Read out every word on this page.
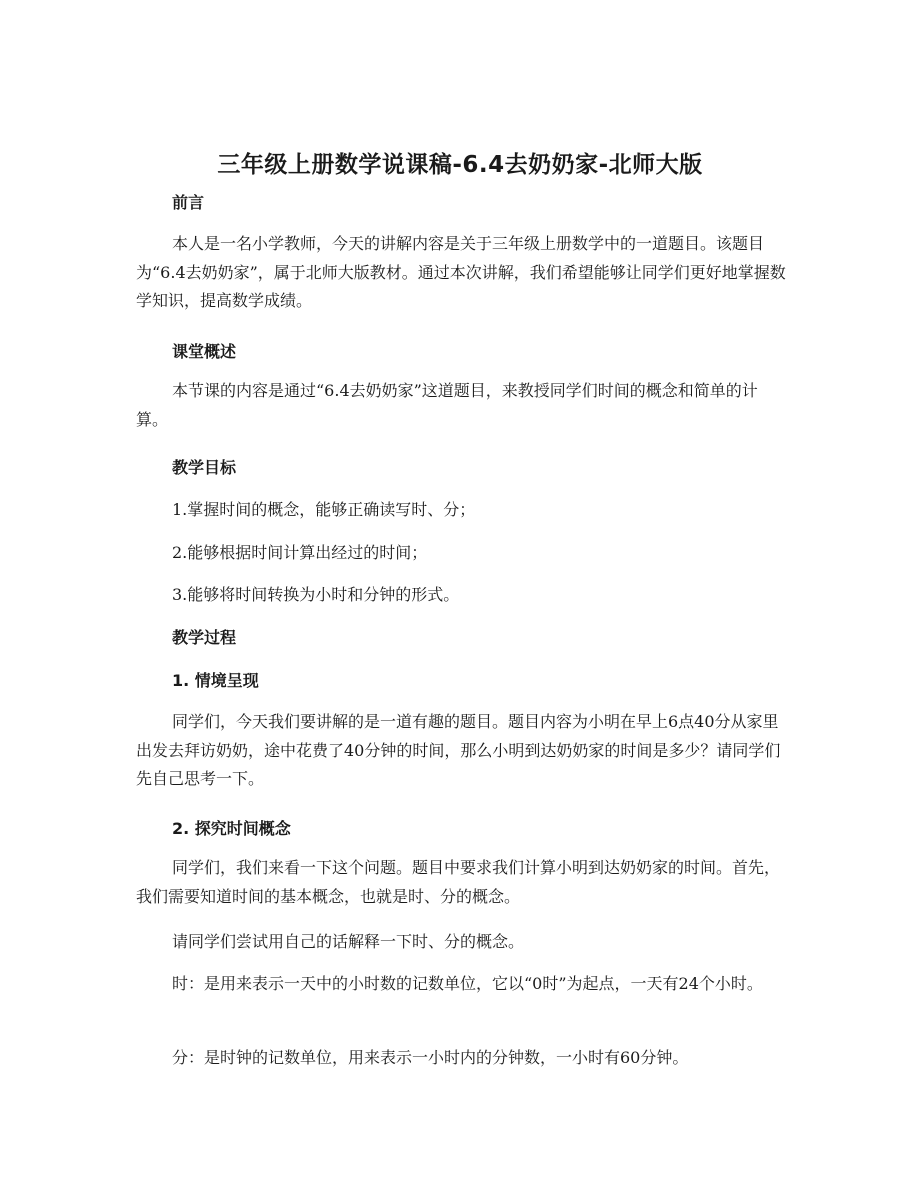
三年级上册数学说课稿-6.4去奶奶家-北师大版
前言
本人是一名小学教师，今天的讲解内容是关于三年级上册数学中的一道题目。该题目为“6.4去奶奶家”，属于北师大版教材。通过本次讲解，我们希望能够让同学们更好地掌握数学知识，提高数学成绩。
课堂概述
本节课的内容是通过“6.4去奶奶家”这道题目，来教授同学们时间的概念和简单的计算。
教学目标
1.掌握时间的概念，能够正确读写时、分；
2.能够根据时间计算出经过的时间；
3.能够将时间转换为小时和分钟的形式。
教学过程
1. 情境呈现
同学们，今天我们要讲解的是一道有趣的题目。题目内容为小明在早上6点40分从家里出发去拜访奶奶，途中花费了40分钟的时间，那么小明到达奶奶家的时间是多少？请同学们先自己思考一下。
2. 探究时间概念
同学们，我们来看一下这个问题。题目中要求我们计算小明到达奶奶家的时间。首先，我们需要知道时间的基本概念，也就是时、分的概念。
请同学们尝试用自己的话解释一下时、分的概念。
时：是用来表示一天中的小时数的记数单位，它以“0时”为起点，一天有24个小时。
分：是时钟的记数单位，用来表示一小时内的分钟数，一小时有60分钟。
